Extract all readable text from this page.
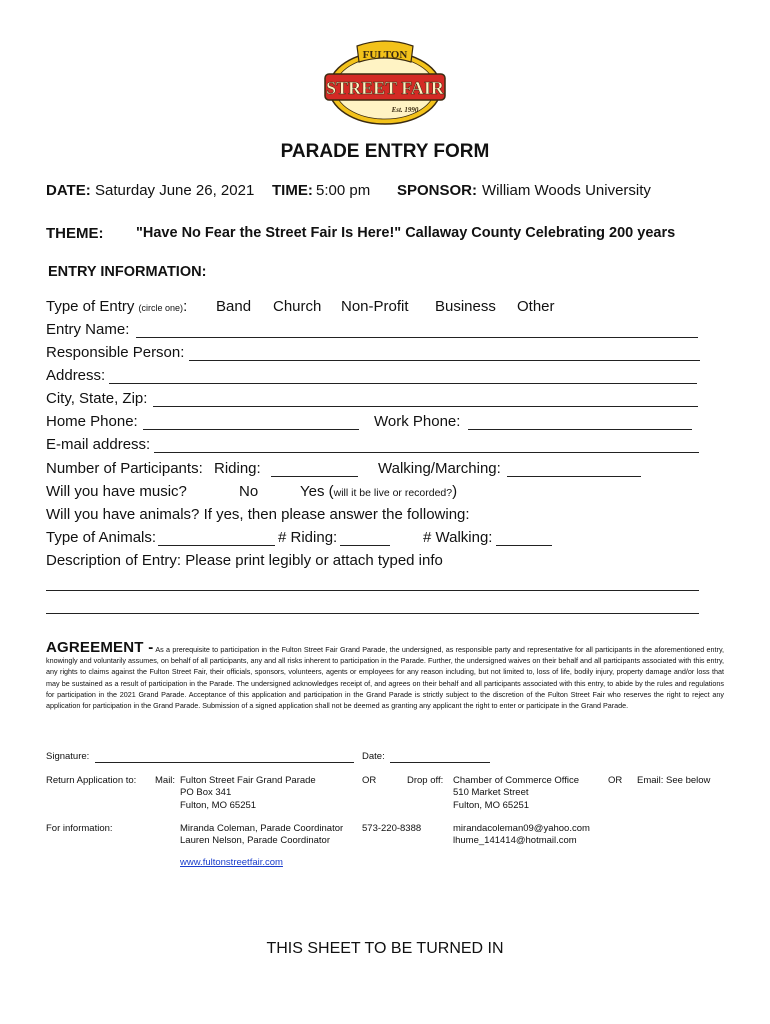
FULTON
STREET FAIR
Est. 1990
PARADE ENTRY FORM
DATE: Saturday June 26, 2021 TIME: 5:00 pm SPONSOR: William Woods University
THEME: "Have No Fear the Street Fair Is Here!" Callaway County Celebrating 200 years
ENTRY INFORMATION:
Type of Entry (circle one): Band Church Non-Profit Business Other
Entry Name:
Responsible Person:
Address:
City, State, Zip:
Home Phone:	Work Phone:
E-mail address:
Number of Participants: Riding:	Walking/Marching:
Will you have music?	No	Yes (will it be live or recorded?)
Will you have animals? If yes, then please answer the following:
Type of Animals:	# Riding:	# Walking:
Description of Entry: Please print legibly or attach typed info
AGREEMENT - As a prerequisite to participation in the Fulton Street Fair Grand Parade, the undersigned, as responsible party and representative for all participants in the aforementioned entry, knowingly and voluntarily assumes, on behalf of all participants, any and all risks inherent to participation in the Parade. Further, the undersigned waives on their behalf and all participants associated with this entry, any rights to claims against the Fulton Street Fair, their officials, sponsors, volunteers, agents or employees for any reason including, but not limited to, loss of life, bodily injury, property damage and/or loss that may be sustained as a result of participation in the Parade. The undersigned acknowledges receipt of, and agrees on their behalf and all participants associated with this entry, to abide by the rules and regulations for participation in the 2021 Grand Parade. Acceptance of this application and participation in the Grand Parade is strictly subject to the discretion of the Fulton Street Fair who reserves the right to reject any application for participation in the Grand Parade. Submission of a signed application shall not be deemed as granting any applicant the right to enter or participate in the Grand Parade.
Signature:	Date:
Return Application to: Mail: Fulton Street Fair Grand Parade
PO Box 341
Fulton, MO 65251
OR	Drop off: Chamber of Commerce Office
510 Market Street
Fulton, MO 65251
OR Email: See below
For information:	Miranda Coleman, Parade Coordinator
Lauren Nelson, Parade Coordinator
573-220-8388	mirandacoleman09@yahoo.com
lhume_141414@hotmail.com
www.fultonstreetfair.com
THIS SHEET TO BE TURNED IN
